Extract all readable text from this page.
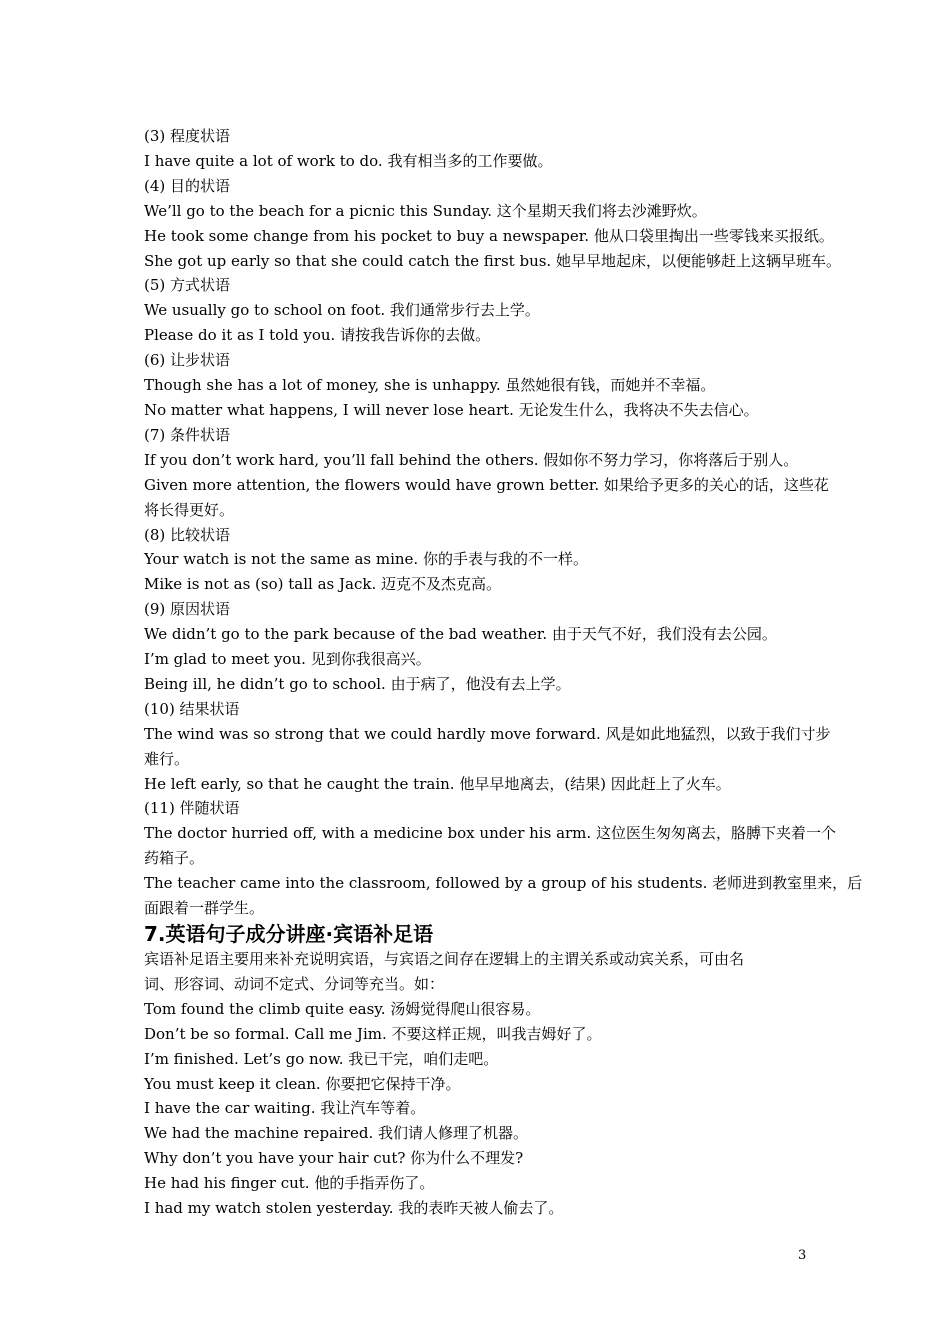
(3) 程度状语

I have quite a lot of work to do. 我有相当多的工作要做。

(4) 目的状语

We’ll go to the beach for a picnic this Sunday. 这个星期天我们将去沙滩野炊。

He took some change from his pocket to buy a newspaper. 他从口袋里掏出一些零钱来买报纸。

She got up early so that she could catch the first bus. 她早早地起床，以便能够赶上这辆早班车。

(5) 方式状语

We usually go to school on foot. 我们通常步行去上学。

Please do it as I told you. 请按我告诉你的去做。

(6) 让步状语

Though she has a lot of money, she is unhappy. 虽然她很有钱，而她并不幸福。

No matter what happens, I will never lose heart. 无论发生什么，我将决不失去信心。

(7) 条件状语

If you don’t work hard, you’ll fall behind the others. 假如你不努力学习，你将落后于别人。

Given more attention, the flowers would have grown better. 如果给予更多的关心的话，这些花

将长得更好。

(8) 比较状语

Your watch is not the same as mine. 你的手表与我的不一样。

Mike is not as (so) tall as Jack. 迈克不及杰克高。

(9) 原因状语

We didn’t go to the park because of the bad weather. 由于天气不好，我们没有去公园。

I’m glad to meet you. 见到你我很高兴。

Being ill, he didn’t go to school. 由于病了，他没有去上学。

(10) 结果状语

The wind was so strong that we could hardly move forward. 风是如此地猛烈，以致于我们寸步

难行。

He left early, so that he caught the train. 他早早地离去，(结果) 因此赶上了火车。

(11) 伴随状语

The doctor hurried off, with a medicine box under his arm. 这位医生匆匆离去，胳膊下夹着一个

药箱子。

The teacher came into the classroom, followed by a group of his students. 老师进到教室里来，后

面跟着一群学生。

7.英语句子成分讲座·宾语补足语

宾语补足语主要用来补充说明宾语，与宾语之间存在逻辑上的主谓关系或动宾关系，可由名

词、形容词、动词不定式、分词等充当。如：

Tom found the climb quite easy. 汤姆觉得爬山很容易。

Don’t be so formal. Call me Jim. 不要这样正规，叫我吉姆好了。

I’m finished. Let’s go now. 我已干完，咱们走吧。

You must keep it clean. 你要把它保持干净。

I have the car waiting. 我让汽车等着。

We had the machine repaired. 我们请人修理了机器。

Why don’t you have your hair cut? 你为什么不理发?

He had his finger cut. 他的手指弄伤了。

I had my watch stolen yesterday. 我的表昨天被人偷去了。

3
